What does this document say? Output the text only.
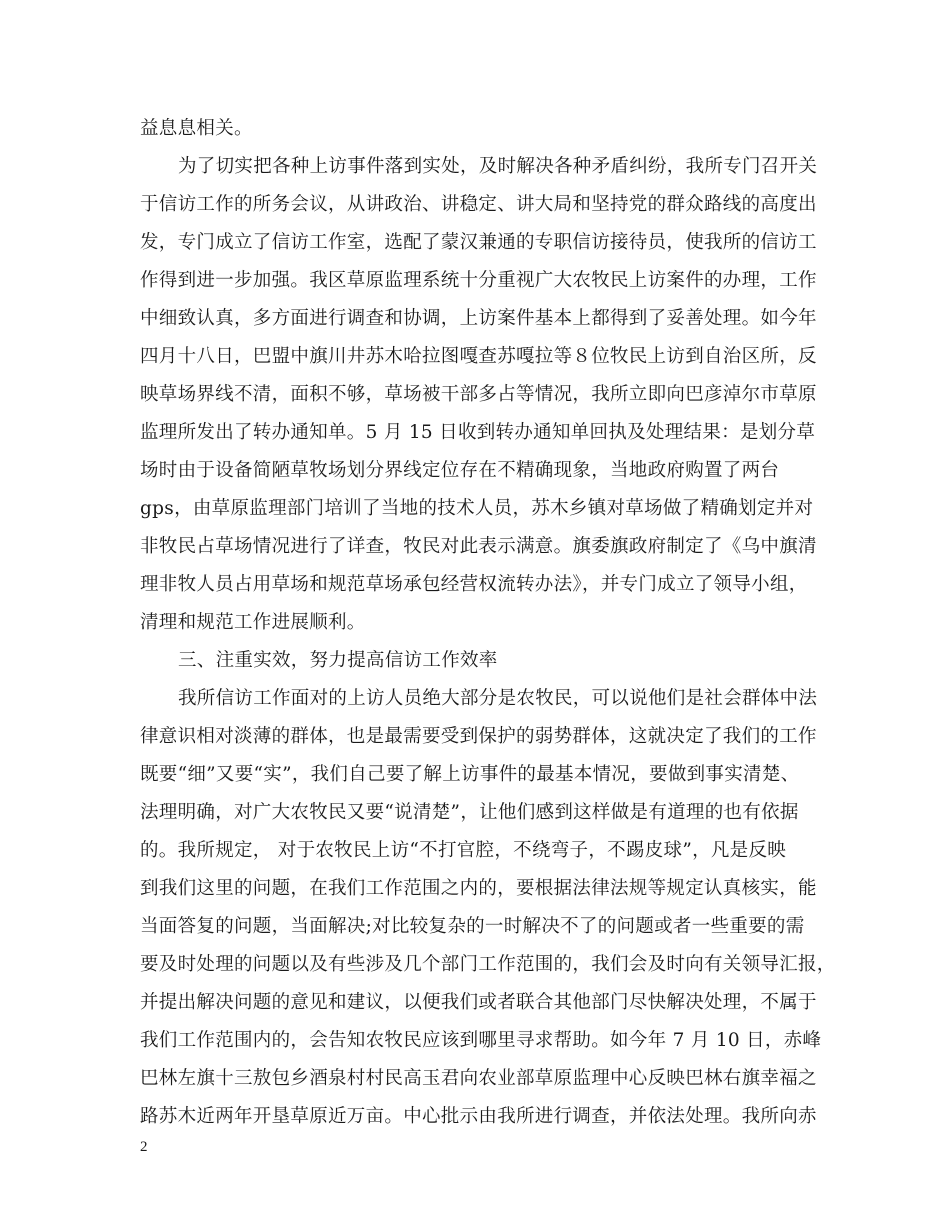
益息息相关。
为了切实把各种上访事件落到实处，及时解决各种矛盾纠纷，我所专门召开关
于信访工作的所务会议，从讲政治、讲稳定、讲大局和坚持党的群众路线的高度出
发，专门成立了信访工作室，选配了蒙汉兼通的专职信访接待员，使我所的信访工
作得到进一步加强。我区草原监理系统十分重视广大农牧民上访案件的办理，工作
中细致认真，多方面进行调查和协调，上访案件基本上都得到了妥善处理。如今年
四月十八日，巴盟中旗川井苏木哈拉图嘎查苏嘎拉等８位牧民上访到自治区所，反
映草场界线不清，面积不够，草场被干部多占等情况，我所立即向巴彦淖尔市草原
监理所发出了转办通知单。5 月 15 日收到转办通知单回执及处理结果：是划分草
场时由于设备简陋草牧场划分界线定位存在不精确现象，当地政府购置了两台
gps，由草原监理部门培训了当地的技术人员，苏木乡镇对草场做了精确划定并对
非牧民占草场情况进行了详查，牧民对此表示满意。旗委旗政府制定了《乌中旗清
理非牧人员占用草场和规范草场承包经营权流转办法》，并专门成立了领导小组，
清理和规范工作进展顺利。
三、注重实效，努力提高信访工作效率
我所信访工作面对的上访人员绝大部分是农牧民，可以说他们是社会群体中法
律意识相对淡薄的群体，也是最需要受到保护的弱势群体，这就决定了我们的工作
既要“细”又要“实”，我们自己要了解上访事件的最基本情况，要做到事实清楚、
法理明确，对广大农牧民又要“说清楚”，让他们感到这样做是有道理的也有依据
的。我所规定， 对于农牧民上访“不打官腔，不绕弯子，不踢皮球”，凡是反映
到我们这里的问题，在我们工作范围之内的，要根据法律法规等规定认真核实，能
当面答复的问题，当面解决;对比较复杂的一时解决不了的问题或者一些重要的需
要及时处理的问题以及有些涉及几个部门工作范围的，我们会及时向有关领导汇报，
并提出解决问题的意见和建议，以便我们或者联合其他部门尽快解决处理，不属于
我们工作范围内的，会告知农牧民应该到哪里寻求帮助。如今年 7 月 10 日，赤峰
巴林左旗十三敖包乡酒泉村村民高玉君向农业部草原监理中心反映巴林右旗幸福之
路苏木近两年开垦草原近万亩。中心批示由我所进行调查，并依法处理。我所向赤
2
